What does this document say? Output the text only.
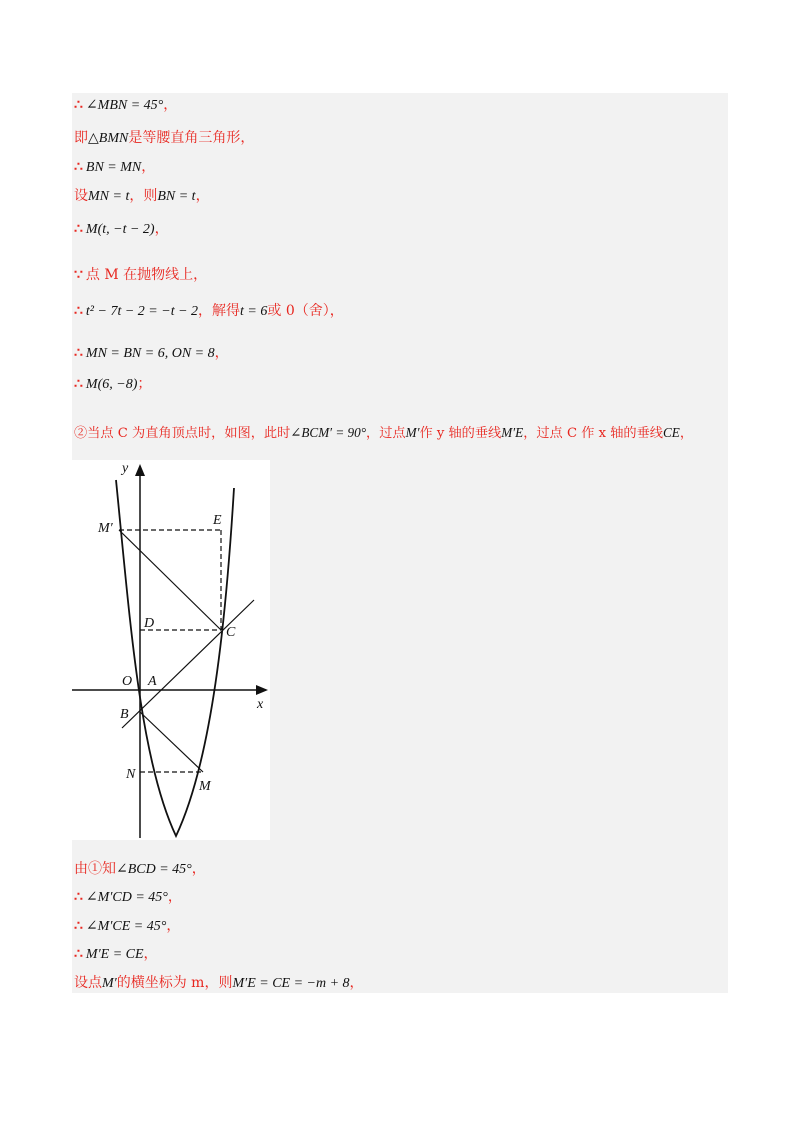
∴ ∠MBN = 45°，
即△BMN是等腰直角三角形，
∴ BN = MN，
设MN = t，则BN = t，
∴ M(t, −t − 2)，
∵ 点 M 在抛物线上，
∴ t² − 7t − 2 = −t − 2，解得t = 6或 0（舍），
∴ MN = BN = 6, ON = 8，
∴ M(6, −8)；
②当点 C 为直角顶点时，如图，此时∠BCM′ = 90°，过点M′作 y 轴的垂线M′E，过点 C 作 x 轴的垂线CE，
y
x
M′
E
D
C
O A
B
N
M
由①知∠BCD = 45°，
∴ ∠M′CD = 45°，
∴ ∠M′CE = 45°，
∴ M′E = CE，
设点M′的横坐标为 m，则M′E = CE = −m + 8，
